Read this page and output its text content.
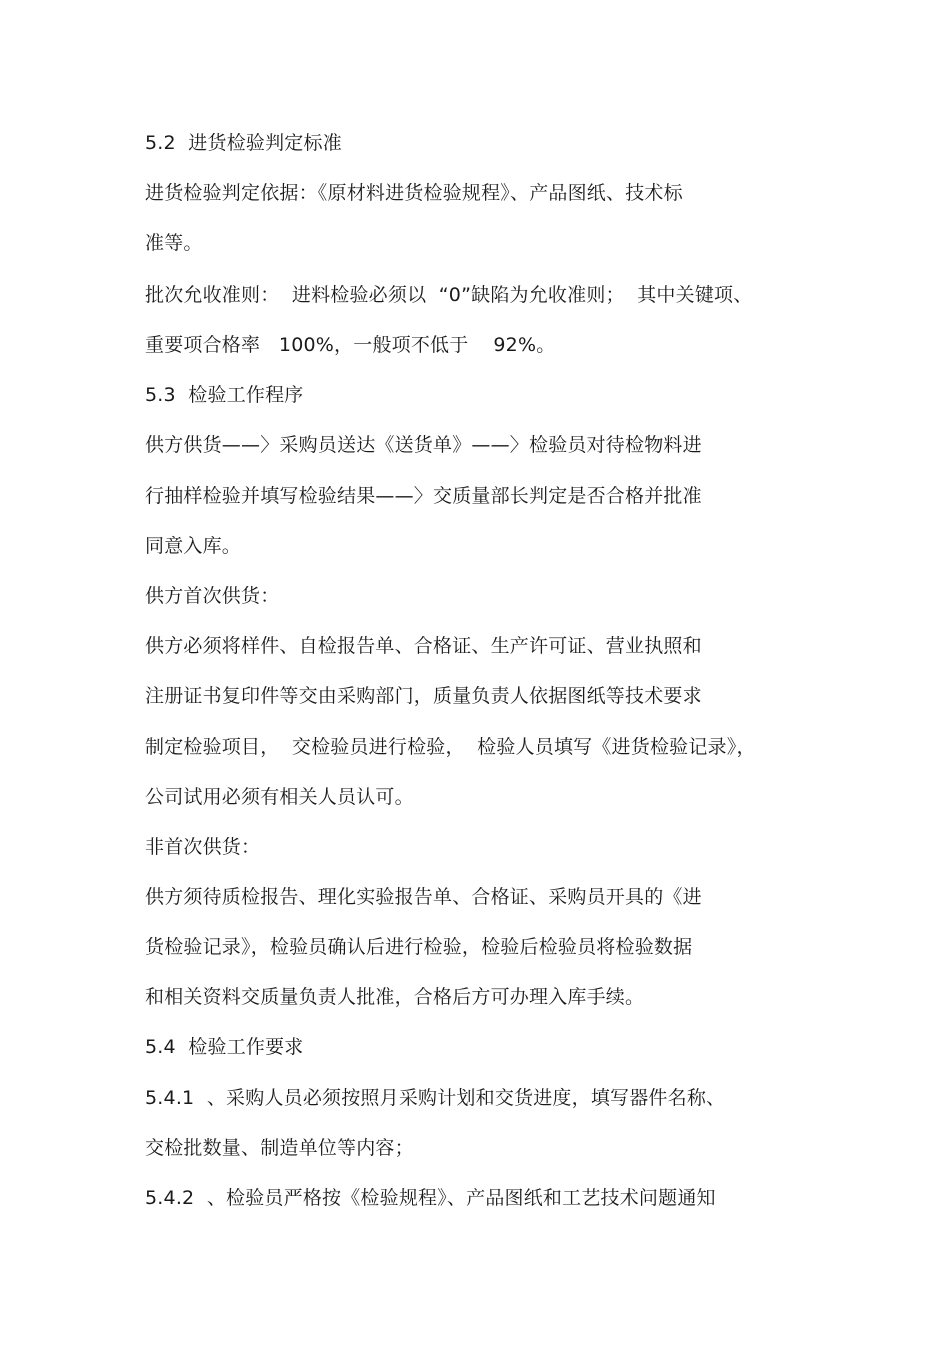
5.2  进货检验判定标准
进货检验判定依据：《原材料进货检验规程》、产品图纸、技术标
准等。
批次允收准则：  进料检验必须以  “0”缺陷为允收准则；  其中关键项、
重要项合格率   100%，一般项不低于    92%。
5.3  检验工作程序
供方供货——〉采购员送达《送货单》——〉检验员对待检物料进
行抽样检验并填写检验结果——〉交质量部长判定是否合格并批准
同意入库。
供方首次供货：
供方必须将样件、自检报告单、合格证、生产许可证、营业执照和
注册证书复印件等交由采购部门，质量负责人依据图纸等技术要求
制定检验项目，  交检验员进行检验，  检验人员填写《进货检验记录》，
公司试用必须有相关人员认可。
非首次供货：
供方须待质检报告、理化实验报告单、合格证、采购员开具的《进
货检验记录》，检验员确认后进行检验，检验后检验员将检验数据
和相关资料交质量负责人批准，合格后方可办理入库手续。
5.4  检验工作要求
5.4.1  、采购人员必须按照月采购计划和交货进度，填写器件名称、
交检批数量、制造单位等内容；
5.4.2  、检验员严格按《检验规程》、产品图纸和工艺技术问题通知
